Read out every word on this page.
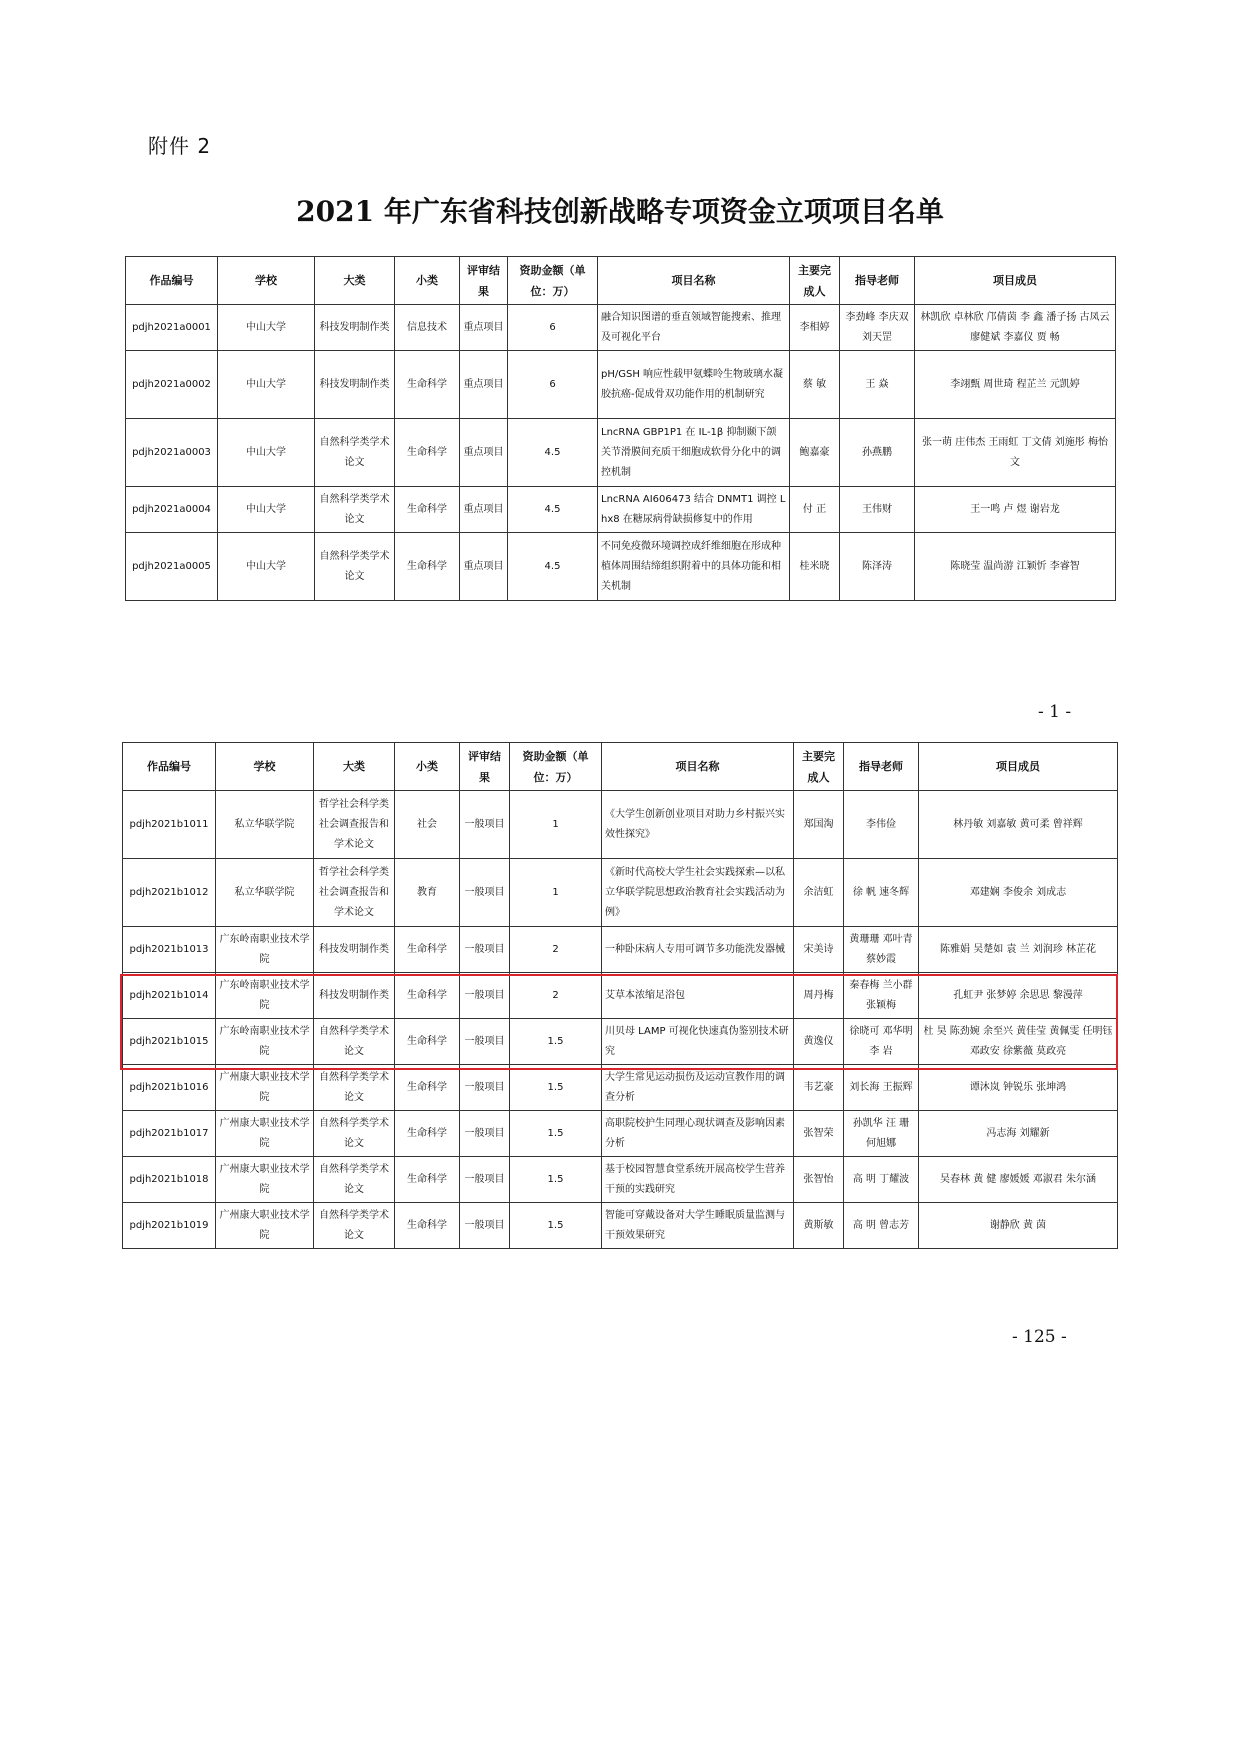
附件 2
2021 年广东省科技创新战略专项资金立项项目名单
作品编号	学校	大类	小类	评审结果	资助金额（单位：万）	项目名称	主要完成人	指导老师	项目成员
pdjh2021a0001	中山大学	科技发明制作类	信息技术	重点项目	6	融合知识图谱的垂直领域智能搜索、推理及可视化平台	李相婷	李劲峰 李庆双 刘天罡	林凯欣 卓林欣 邝倩茵 李 鑫 潘子扬 古凤云 廖健斌 李嘉仪 贾 畅
pdjh2021a0002	中山大学	科技发明制作类	生命科学	重点项目	6	pH/GSH 响应性载甲氨蝶呤生物玻璃水凝胶抗癌-促成骨双功能作用的机制研究	蔡 敏	王 焱	李翊甄 周世琦 程芷兰 元凯婷
pdjh2021a0003	中山大学	自然科学类学术论文	生命科学	重点项目	4.5	LncRNA GBP1P1 在 IL-1β 抑制颞下颌关节滑膜间充质干细胞成软骨分化中的调控机制	鲍嘉豪	孙燕鹏	张一萌 庄伟杰 王雨虹 丁文倩 刘施彤 梅怡文
pdjh2021a0004	中山大学	自然科学类学术论文	生命科学	重点项目	4.5	LncRNA AI606473 结合 DNMT1 调控 Lhx8 在糖尿病骨缺损修复中的作用	付 正	王伟财	王一鸣 卢 煜 谢岩龙
pdjh2021a0005	中山大学	自然科学类学术论文	生命科学	重点项目	4.5	不同免疫微环境调控成纤维细胞在形成种植体周围结缔组织附着中的具体功能和相关机制	桂米晓	陈泽涛	陈晓莹 温尚游 江颖忻 李睿智
- 1 -
作品编号	学校	大类	小类	评审结果	资助金额（单位：万）	项目名称	主要完成人	指导老师	项目成员
pdjh2021b1011	私立华联学院	哲学社会科学类社会调查报告和学术论文	社会	一般项目	1	《大学生创新创业项目对助力乡村振兴实效性探究》	郑国淘	李伟俭	林丹敏 刘嘉敏 黄可柔 曾祥辉
pdjh2021b1012	私立华联学院	哲学社会科学类社会调查报告和学术论文	教育	一般项目	1	《新时代高校大学生社会实践探索—以私立华联学院思想政治教育社会实践活动为例》	余洁虹	徐 帆 速冬辉	邓建娴 李俊余 刘成志
pdjh2021b1013	广东岭南职业技术学院	科技发明制作类	生命科学	一般项目	2	一种卧床病人专用可调节多功能洗发器械	宋美诗	黄珊珊 邓叶青 蔡妙霞	陈雅娟 吴楚如 袁 兰 刘润珍 林芷花
pdjh2021b1014	广东岭南职业技术学院	科技发明制作类	生命科学	一般项目	2	艾草本浓缩足浴包	周丹梅	秦春梅 兰小群 张颖梅	孔虹尹 张梦婷 余思思 黎漫萍
pdjh2021b1015	广东岭南职业技术学院	自然科学类学术论文	生命科学	一般项目	1.5	川贝母 LAMP 可视化快速真伪鉴别技术研究	黄逸仪	徐晓可 邓华明 李 岩	杜 昊 陈劲婉 余至兴 黄佳莹 黄佩雯 任明钰 邓政安 徐紫薇 莫政亮
pdjh2021b1016	广州康大职业技术学院	自然科学类学术论文	生命科学	一般项目	1.5	大学生常见运动损伤及运动宣教作用的调查分析	韦艺豪	刘长海 王振辉	谭沐岚 钟锐乐 张坤鸿
pdjh2021b1017	广州康大职业技术学院	自然科学类学术论文	生命科学	一般项目	1.5	高职院校护生同理心现状调查及影响因素分析	张智荣	孙凯华 汪 珊 何旭娜	冯志海 刘耀新
pdjh2021b1018	广州康大职业技术学院	自然科学类学术论文	生命科学	一般项目	1.5	基于校园智慧食堂系统开展高校学生营养干预的实践研究	张智怡	高 明 丁耀波	吴春林 黄 健 廖媛媛 邓淑君 朱尔涵
pdjh2021b1019	广州康大职业技术学院	自然科学类学术论文	生命科学	一般项目	1.5	智能可穿戴设备对大学生睡眠质量监测与干预效果研究	黄斯敏	高 明 曾志芳	谢静欣 黄 茵
- 125 -
